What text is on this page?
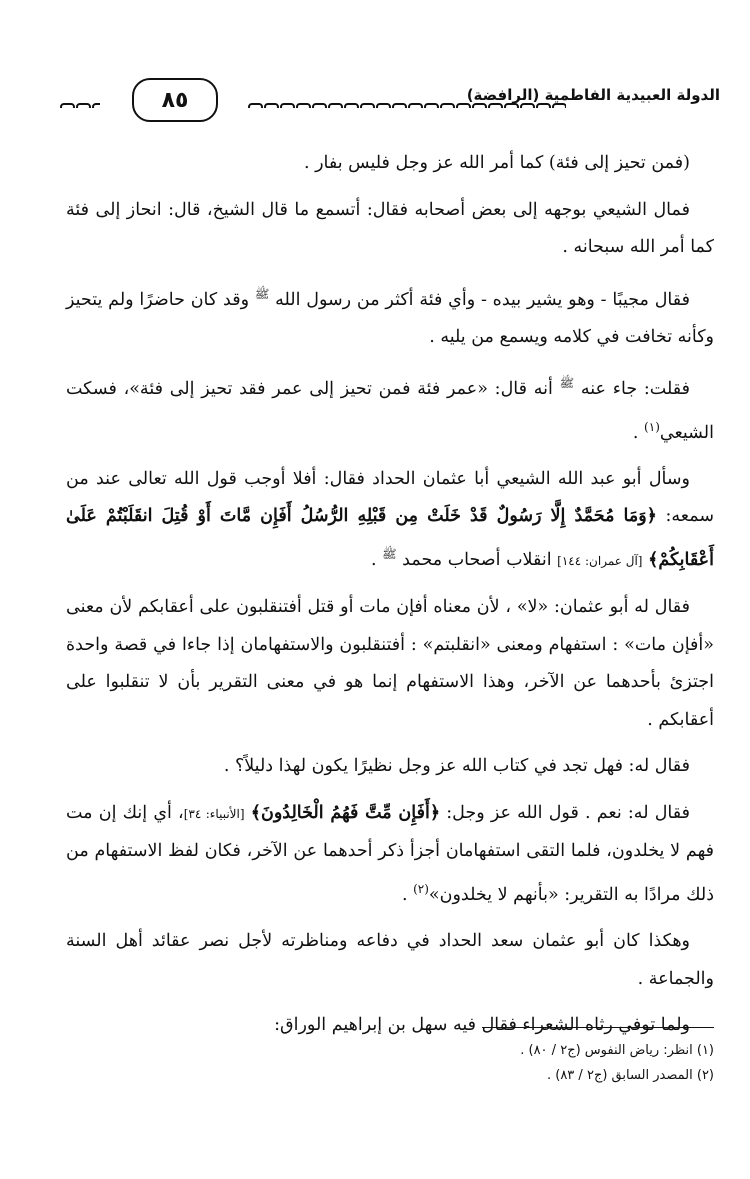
٨٥	الدولة العبيدية الفاطمية (الرافضة)

(فمن تحيز إلى فئة) كما أمر الله عز وجل فليس بفار .

فمال الشيعي بوجهه إلى بعض أصحابه فقال: أتسمع ما قال الشيخ، قال: انحاز إلى فئة كما أمر الله سبحانه .

فقال مجيبًا - وهو يشير بيده - وأي فئة أكثر من رسول الله $^ﷺ$ وقد كان حاضرًا ولم يتحيز وكأنه تخافت في كلامه ويسمع من يليه .

فقلت: جاء عنه $^ﷺ$ أنه قال: «عمر فئة فمن تحيز إلى عمر فقد تحيز إلى فئة»، فسكت الشيعي$^{(١)}$ .

وسأل أبو عبد الله الشيعي أبا عثمان الحداد فقال: أفلا أوجب قول الله تعالى عند من سمعه: ﴿وَمَا مُحَمَّدٌ إِلَّا رَسُولٌ قَدْ خَلَتْ مِن قَبْلِهِ الرُّسُلُ أَفَإِن مَّاتَ أَوْ قُتِلَ انقَلَبْتُمْ عَلَىٰ أَعْقَابِكُمْ﴾ [آل عمران: ١٤٤] انقلاب أصحاب محمد $^ﷺ$ .

فقال له أبو عثمان: «لا» ، لأن معناه أفإن مات أو قتل أفتنقلبون على أعقابكم لأن معنى «أفإن مات» : استفهام ومعنى «انقلبتم» : أفتنقلبون والاستفهامان إذا جاءا في قصة واحدة اجتزئ بأحدهما عن الآخر، وهذا الاستفهام إنما هو في معنى التقرير بأن لا تنقلبوا على أعقابكم .

فقال له: فهل تجد في كتاب الله عز وجل نظيرًا يكون لهذا دليلاً؟ .

فقال له: نعم . قول الله عز وجل: ﴿أَفَإِن مِّتَّ فَهُمُ الْخَالِدُونَ﴾ [الأنبياء: ٣٤]، أي إنك إن مت فهم لا يخلدون، فلما التقى استفهامان أجزأ ذكر أحدهما عن الآخر، فكان لفظ الاستفهام من ذلك مرادًا به التقرير: «بأنهم لا يخلدون»$^{(٢)}$ .

وهكذا كان أبو عثمان سعد الحداد في دفاعه ومناظرته لأجل نصر عقائد أهل السنة والجماعة .

ولما توفي رثاه الشعراء فقال فيه سهل بن إبراهيم الوراق:

(١) انظر: رياض النفوس (ج٢ / ٨٠) .

(٢) المصدر السابق (ج٢ / ٨٣) .
